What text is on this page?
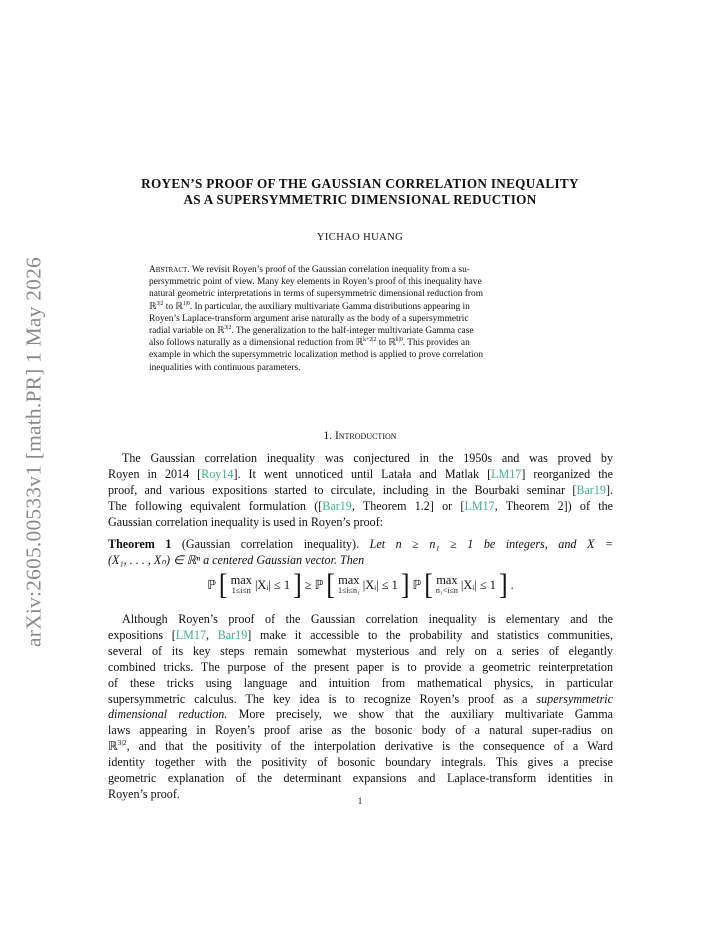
arXiv:2605.00533v1 [math.PR] 1 May 2026
ROYEN’S PROOF OF THE GAUSSIAN CORRELATION INEQUALITY
AS A SUPERSYMMETRIC DIMENSIONAL REDUCTION
YICHAO HUANG
Abstract. We revisit Royen’s proof of the Gaussian correlation inequality from a su-
persymmetric point of view. Many key elements in Royen’s proof of this inequality have
natural geometric interpretations in terms of supersymmetric dimensional reduction from
ℝ$^{3|2}$ to ℝ$^{1|0}$. In particular, the auxiliary multivariate Gamma distributions appearing in
Royen’s Laplace-transform argument arise naturally as the body of a supersymmetric
radial variable on ℝ$^{3|2}$. The generalization to the half-integer multivariate Gamma case
also follows naturally as a dimensional reduction from ℝ$^{k+2|2}$ to ℝ$^{k|0}$. This provides an
example in which the supersymmetric localization method is applied to prove correlation
inequalities with continuous parameters.
1. Introduction
The Gaussian correlation inequality was conjectured in the 1950s and was proved by
Royen in 2014 [Roy14]. It went unnoticed until Latała and Matlak [LM17] reorganized the
proof, and various expositions started to circulate, including in the Bourbaki seminar [Bar19].
The following equivalent formulation ([Bar19, Theorem 1.2] or [LM17, Theorem 2]) of the
Gaussian correlation inequality is used in Royen’s proof:
Theorem 1 (Gaussian correlation inequality). Let n ≥ n₁ ≥ 1 be integers, and X =
(X₁, . . . , Xₙ) ∈ ℝⁿ a centered Gaussian vector. Then
ℙ [ max
1≤i≤n |Xᵢ| ≤ 1 ] ≥ ℙ [ max
1≤i≤n₁ |Xᵢ| ≤ 1 ] ℙ [ max
n₁<i≤n |Xᵢ| ≤ 1 ] .
Although Royen’s proof of the Gaussian correlation inequality is elementary and the
expositions [LM17, Bar19] make it accessible to the probability and statistics communities,
several of its key steps remain somewhat mysterious and rely on a series of elegantly
combined tricks. The purpose of the present paper is to provide a geometric reinterpretation
of these tricks using language and intuition from mathematical physics, in particular
supersymmetric calculus. The key idea is to recognize Royen’s proof as a supersymmetric
dimensional reduction. More precisely, we show that the auxiliary multivariate Gamma
laws appearing in Royen’s proof arise as the bosonic body of a natural super-radius on
ℝ$^{3|2}$, and that the positivity of the interpolation derivative is the consequence of a Ward
identity together with the positivity of bosonic boundary integrals. This gives a precise
geometric explanation of the determinant expansions and Laplace-transform identities in
Royen’s proof.
1
